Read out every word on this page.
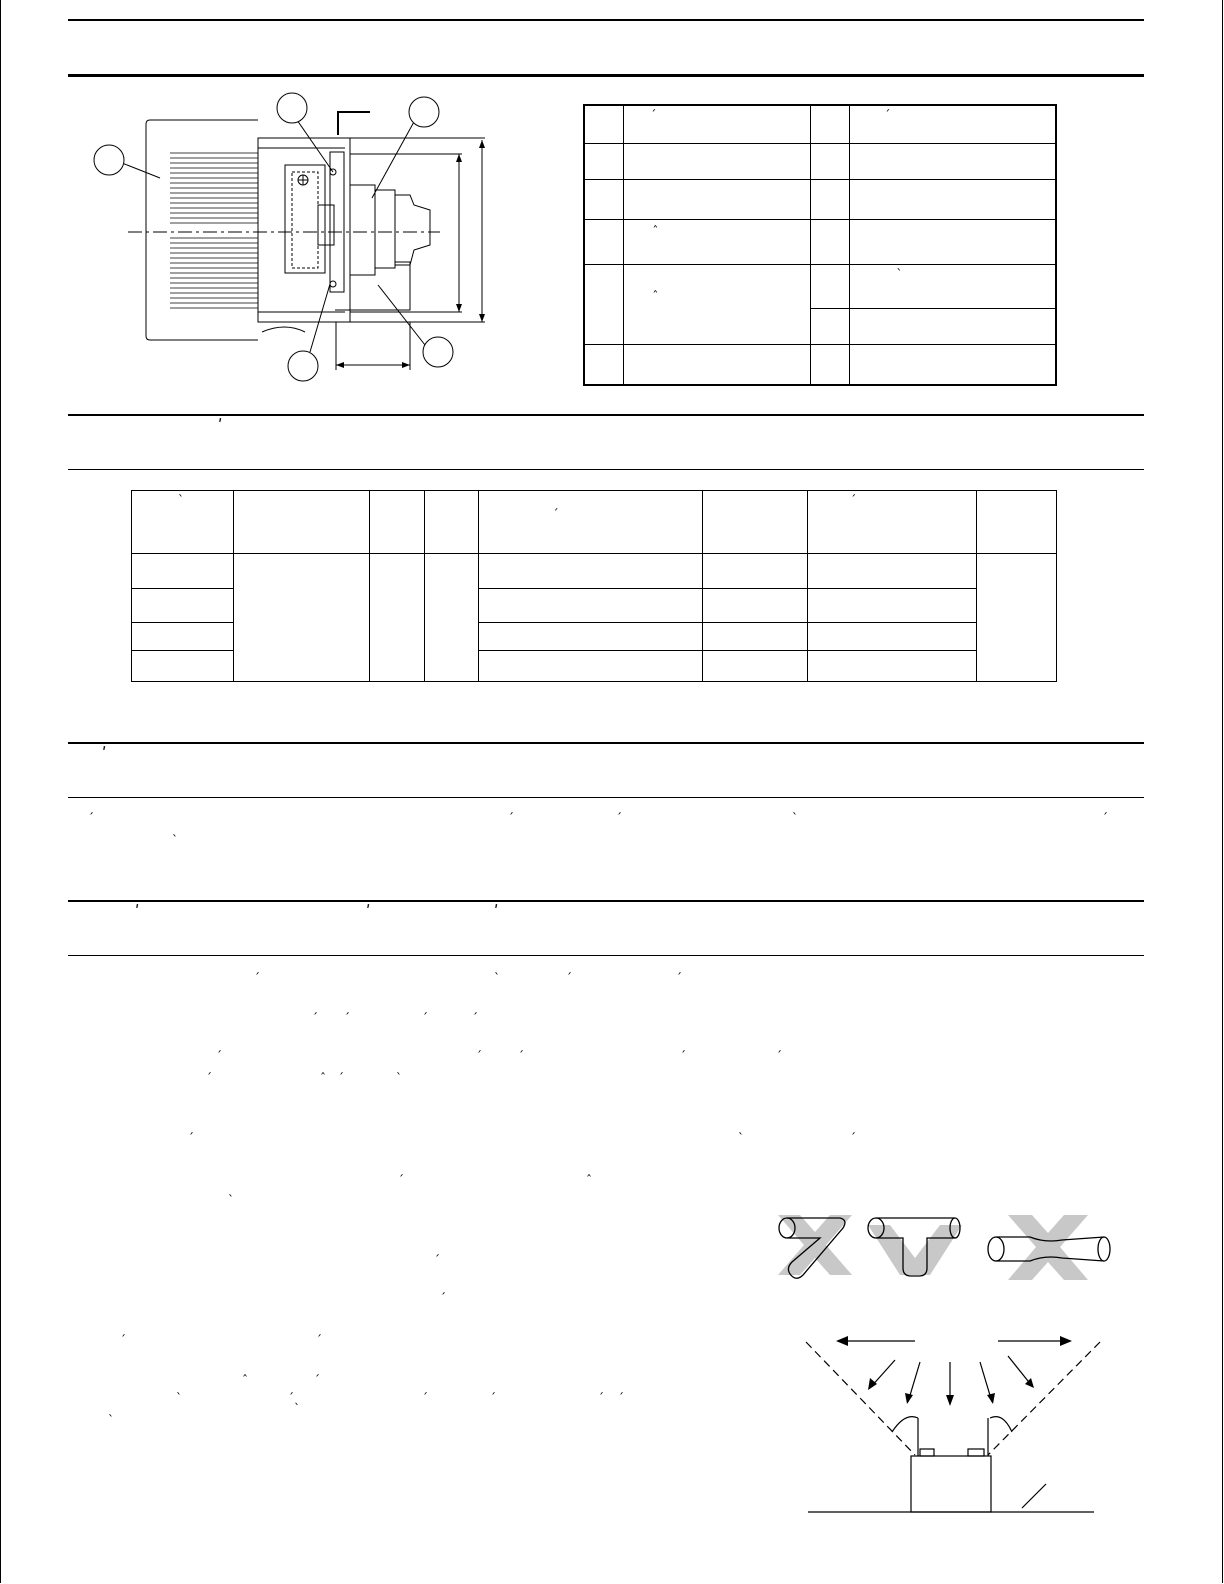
	ˊ		ˊ

	ˆ		

	ˆ		ˋ

ʹ
ˋ				ˊ		ˊ	

ʹ
ˊ	ˊ	ˊ	ˋ	ˊ
ˋ
ʹ	ʹ	ʹ
ˊ	ˋ	ˊ	ˊ
ˊ ˊ	ˊ	ˊ
ˊ	ˊ	ˊ	ˊ	ˊ
ˊ	ˆ ˊ	ˋ
ˊ	ˋ	ˊ
ˊ	ˆ
ˋ
ˊ
ˊ
ˊ	ˊ
ˆ	ˊ
ˋ	ˊˎ	ˊ	ˊ	ˊ ˊ
ˋ
